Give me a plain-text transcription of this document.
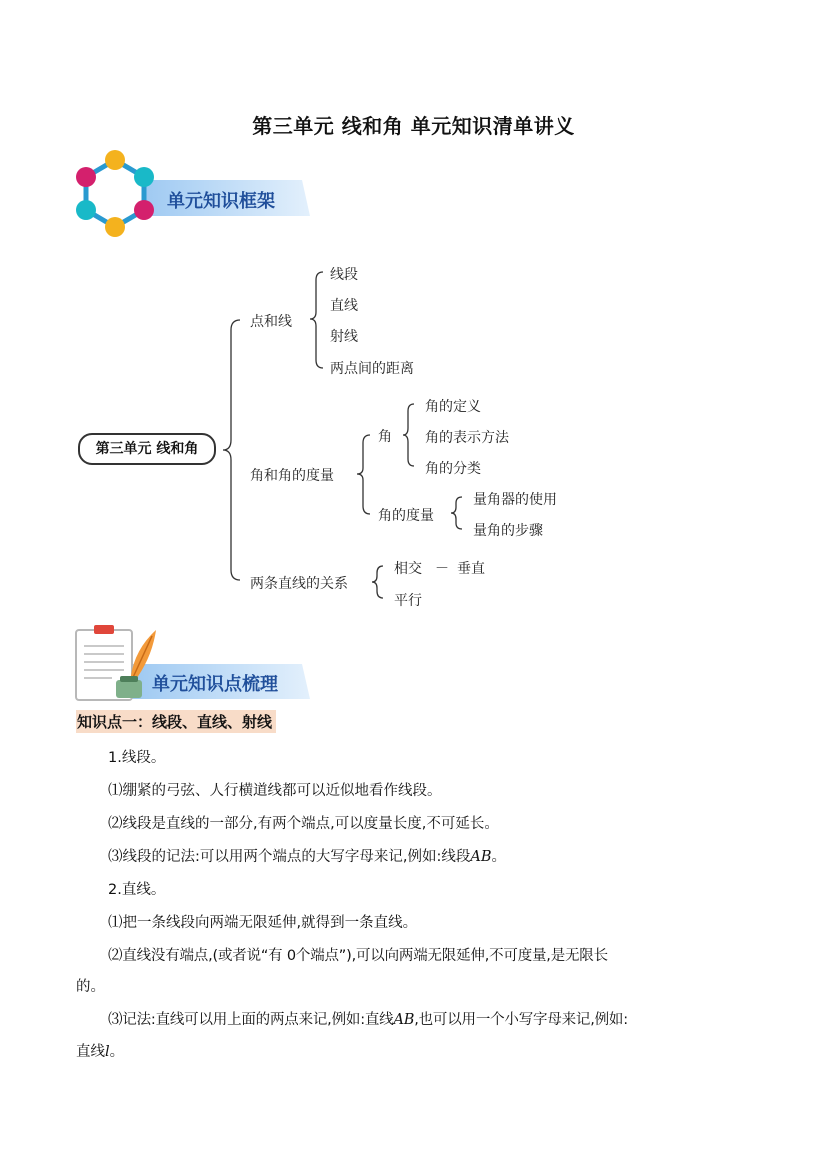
第三单元 线和角 单元知识清单讲义
单元知识框架
第三单元 线和角
点和线
线段
直线
射线
两点间的距离
角和角的度量
角
角的定义
角的表示方法
角的分类
角的度量
量角器的使用
量角的步骤
两条直线的关系
相交 － 垂直
平行
单元知识点梳理
知识点一：线段、直线、射线
1.线段。
⑴绷紧的弓弦、人行横道线都可以近似地看作线段。
⑵线段是直线的一部分,有两个端点,可以度量长度,不可延长。
⑶线段的记法:可以用两个端点的大写字母来记,例如:线段AB。
2.直线。
⑴把一条线段向两端无限延伸,就得到一条直线。
⑵直线没有端点,(或者说“有 0个端点”),可以向两端无限延伸,不可度量,是无限长
的。
⑶记法:直线可以用上面的两点来记,例如:直线AB,也可以用一个小写字母来记,例如:
直线l。
